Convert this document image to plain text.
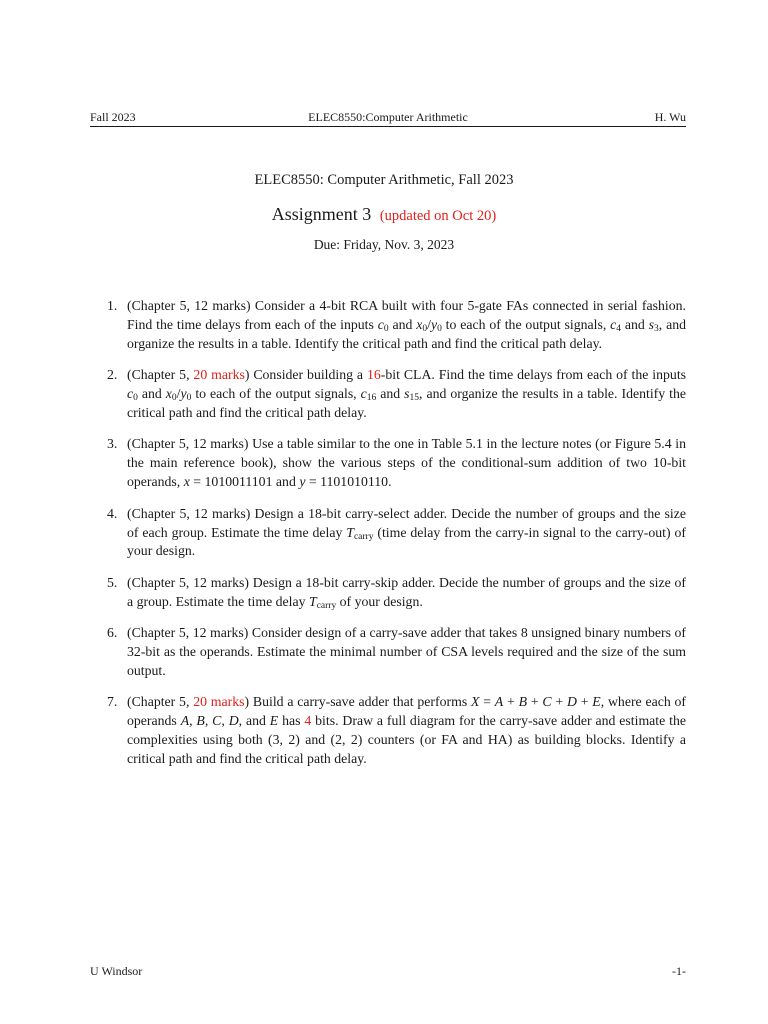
Fall 2023	ELEC8550:Computer Arithmetic	H. Wu
ELEC8550: Computer Arithmetic, Fall 2023
Assignment 3 (updated on Oct 20)
Due: Friday, Nov. 3, 2023
1. (Chapter 5, 12 marks) Consider a 4-bit RCA built with four 5-gate FAs connected in serial fashion. Find the time delays from each of the inputs $c_0$ and $x_0/y_0$ to each of the output signals, $c_4$ and $s_3$, and organize the results in a table. Identify the critical path and find the critical path delay.
2. (Chapter 5, 20 marks) Consider building a 16-bit CLA. Find the time delays from each of the inputs $c_0$ and $x_0/y_0$ to each of the output signals, $c_{16}$ and $s_{15}$, and organize the results in a table. Identify the critical path and find the critical path delay.
3. (Chapter 5, 12 marks) Use a table similar to the one in Table 5.1 in the lecture notes (or Figure 5.4 in the main reference book), show the various steps of the conditional-sum addition of two 10-bit operands, x = 1010011101 and y = 1101010110.
4. (Chapter 5, 12 marks) Design a 18-bit carry-select adder. Decide the number of groups and the size of each group. Estimate the time delay $T_{carry}$ (time delay from the carry-in signal to the carry-out) of your design.
5. (Chapter 5, 12 marks) Design a 18-bit carry-skip adder. Decide the number of groups and the size of a group. Estimate the time delay $T_{carry}$ of your design.
6. (Chapter 5, 12 marks) Consider design of a carry-save adder that takes 8 unsigned binary numbers of 32-bit as the operands. Estimate the minimal number of CSA levels required and the size of the sum output.
7. (Chapter 5, 20 marks) Build a carry-save adder that performs X = A + B + C + D + E, where each of operands A, B, C, D, and E has 4 bits. Draw a full diagram for the carry-save adder and estimate the complexities using both (3, 2) and (2, 2) counters (or FA and HA) as building blocks. Identify a critical path and find the critical path delay.
U Windsor	-1-
